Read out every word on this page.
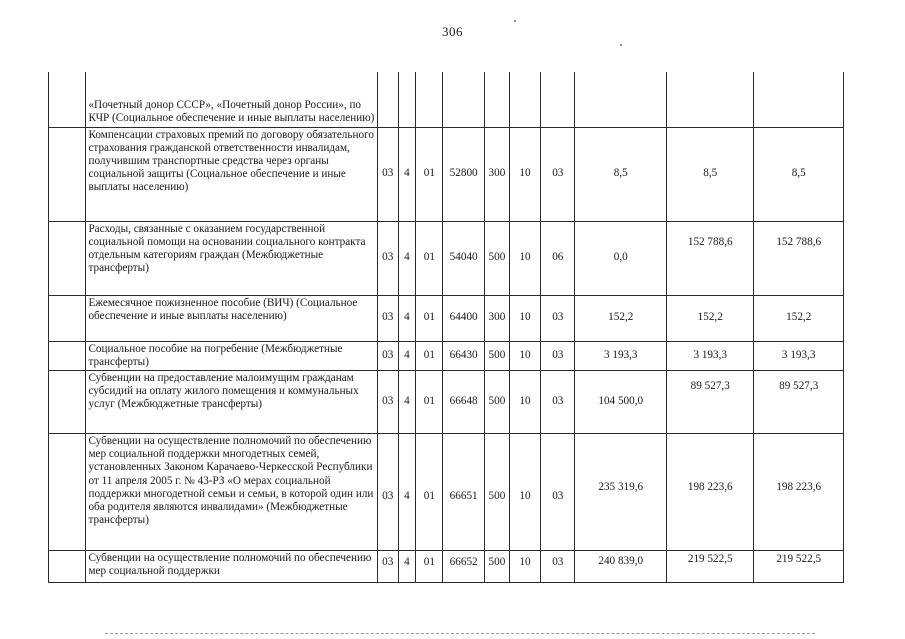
306
	«Почетный донор СССР», «Почетный донор России», по КЧР (Социальное обеспечение и иные выплаты населению)										
	Компенсации страховых премий по договору обязательного страхования гражданской ответственности инвалидам, получившим транспортные средства через органы социальной защиты (Социальное обеспечение и иные выплаты населению)	03	4	01	52800	300	10	03	8,5	8,5	8,5
	Расходы, связанные с оказанием государственной социальной помощи на основании социального контракта отдельным категориям граждан (Межбюджетные трансферты)	03	4	01	54040	500	10	06	0,0	152 788,6	152 788,6
	Ежемесячное пожизненное пособие (ВИЧ) (Социальное обеспечение и иные выплаты населению)	03	4	01	64400	300	10	03	152,2	152,2	152,2
	Социальное пособие на погребение (Межбюджетные трансферты)	03	4	01	66430	500	10	03	3 193,3	3 193,3	3 193,3
	Субвенции на предоставление малоимущим гражданам субсидий на оплату жилого помещения и коммунальных услуг (Межбюджетные трансферты)	03	4	01	66648	500	10	03	104 500,0	89 527,3	89 527,3
	Субвенции на осуществление полномочий по обеспечению мер социальной поддержки многодетных семей, установленных Законом Карачаево-Черкесской Республики от 11 апреля 2005 г. № 43-РЗ «О мерах социальной поддержки многодетной семьи и семьи, в которой один или оба родителя являются инвалидами» (Межбюджетные трансферты)	03	4	01	66651	500	10	03	235 319,6	198 223,6	198 223,6
	Субвенции на осуществление полномочий по обеспечению мер социальной поддержки	03	4	01	66652	500	10	03	240 839,0	219 522,5	219 522,5
